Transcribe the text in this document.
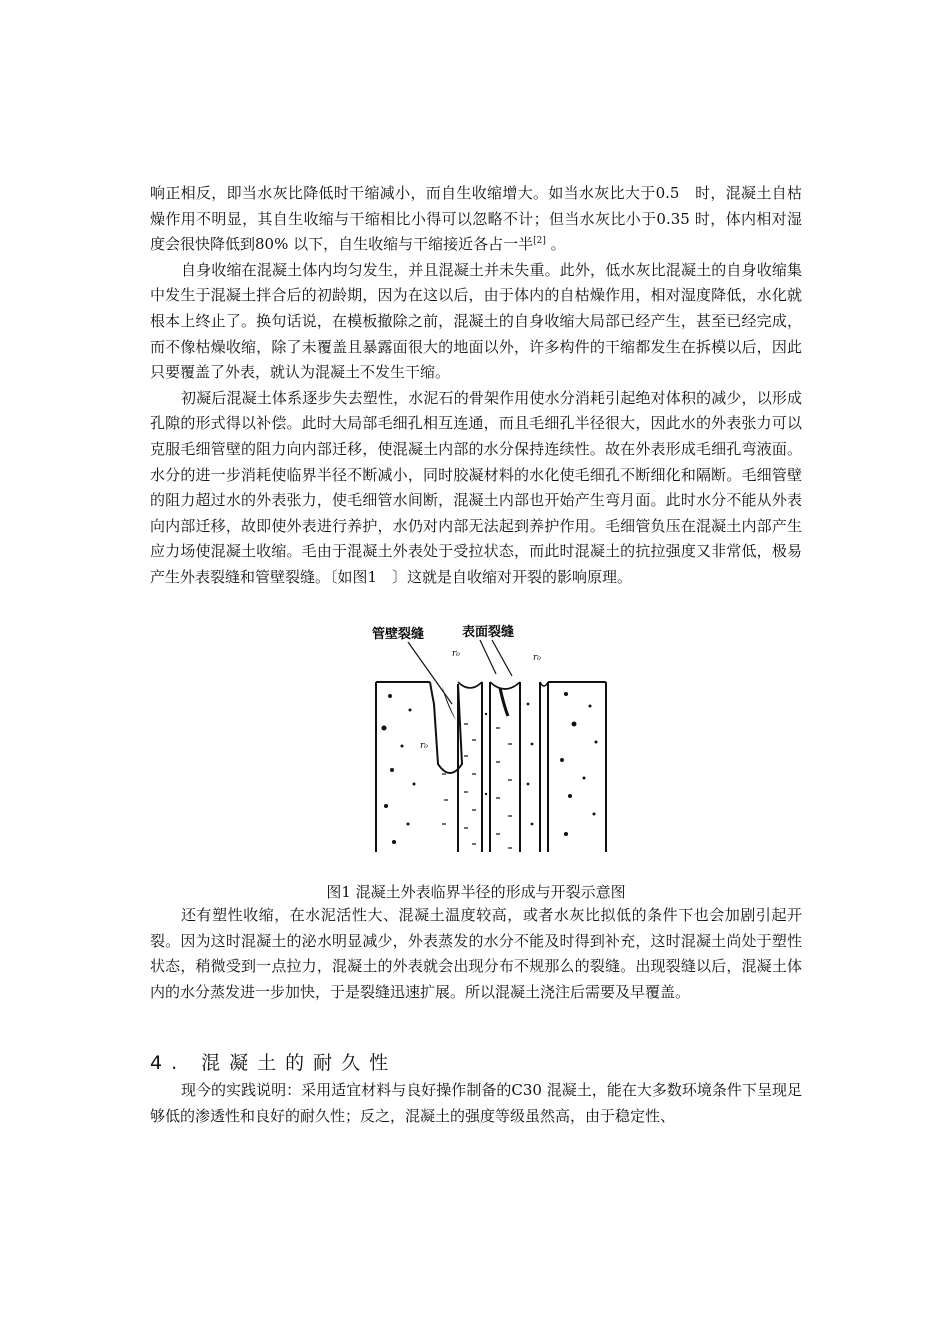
响正相反，即当水灰比降低时干缩减小，而自生收缩增大。如当水灰比大于0.5　时，混凝土自枯燥作用不明显，其自生收缩与干缩相比小得可以忽略不计；但当水灰比小于0.35 时，体内相对湿度会很快降低到80% 以下，自生收缩与干缩接近各占一半[2] 。

自身收缩在混凝土体内均匀发生，并且混凝土并未失重。此外，低水灰比混凝土的自身收缩集中发生于混凝土拌合后的初龄期，因为在这以后，由于体内的自枯燥作用，相对湿度降低，水化就根本上终止了。换句话说，在模板撤除之前，混凝土的自身收缩大局部已经产生，甚至已经完成，而不像枯燥收缩，除了未覆盖且暴露面很大的地面以外，许多构件的干缩都发生在拆模以后，因此只要覆盖了外表，就认为混凝土不发生干缩。

初凝后混凝土体系逐步失去塑性，水泥石的骨架作用使水分消耗引起绝对体积的减少，以形成孔隙的形式得以补偿。此时大局部毛细孔相互连通，而且毛细孔半径很大，因此水的外表张力可以克服毛细管壁的阻力向内部迁移，使混凝土内部的水分保持连续性。故在外表形成毛细孔弯液面。水分的进一步消耗使临界半径不断减小，同时胶凝材料的水化使毛细孔不断细化和隔断。毛细管壁的阻力超过水的外表张力，使毛细管水间断，混凝土内部也开始产生弯月面。此时水分不能从外表向内部迁移，故即使外表进行养护，水仍对内部无法起到养护作用。毛细管负压在混凝土内部产生应力场使混凝土收缩。毛由于混凝土外表处于受拉状态，而此时混凝土的抗拉强度又非常低，极易产生外表裂缝和管壁裂缝。〔如图1　〕这就是自收缩对开裂的影响原理。

管壁裂缝	表面裂缝
r₀	r₀
r₀
图1 混凝土外表临界半径的形成与开裂示意图

还有塑性收缩，在水泥活性大、混凝土温度较高，或者水灰比拟低的条件下也会加剧引起开裂。因为这时混凝土的泌水明显减少，外表蒸发的水分不能及时得到补充，这时混凝土尚处于塑性状态，稍微受到一点拉力，混凝土的外表就会出现分布不规那么的裂缝。出现裂缝以后，混凝土体内的水分蒸发进一步加快，于是裂缝迅速扩展。所以混凝土浇注后需要及早覆盖。

4. 混凝土的耐久性

现今的实践说明：采用适宜材料与良好操作制备的C30 混凝土，能在大多数环境条件下呈现足够低的渗透性和良好的耐久性；反之，混凝土的强度等级虽然高，由于稳定性、
